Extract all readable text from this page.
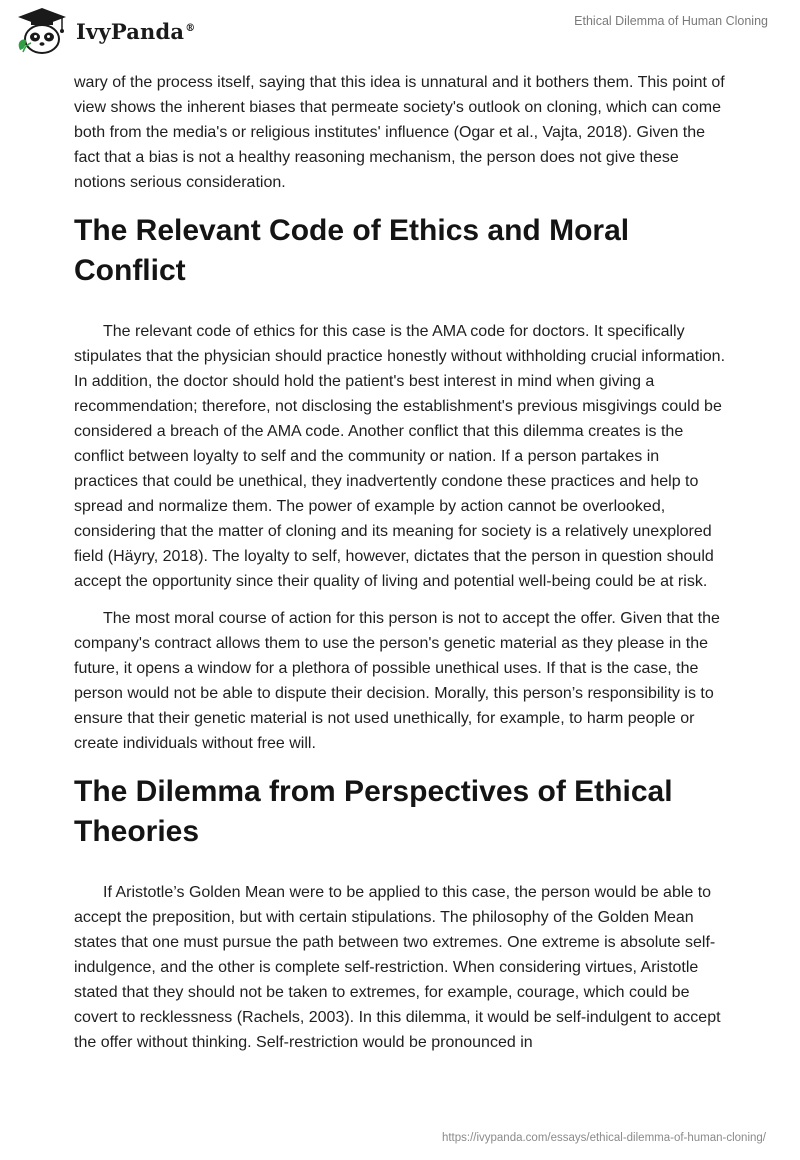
IvyPanda®	Ethical Dilemma of Human Cloning

wary of the process itself, saying that this idea is unnatural and it bothers them. This point of view shows the inherent biases that permeate society's outlook on cloning, which can come both from the media's or religious institutes' influence (Ogar et al., Vajta, 2018). Given the fact that a bias is not a healthy reasoning mechanism, the person does not give these notions serious consideration.

The Relevant Code of Ethics and Moral Conflict

The relevant code of ethics for this case is the AMA code for doctors. It specifically stipulates that the physician should practice honestly without withholding crucial information. In addition, the doctor should hold the patient's best interest in mind when giving a recommendation; therefore, not disclosing the establishment's previous misgivings could be considered a breach of the AMA code. Another conflict that this dilemma creates is the conflict between loyalty to self and the community or nation. If a person partakes in practices that could be unethical, they inadvertently condone these practices and help to spread and normalize them. The power of example by action cannot be overlooked, considering that the matter of cloning and its meaning for society is a relatively unexplored field (Häyry, 2018). The loyalty to self, however, dictates that the person in question should accept the opportunity since their quality of living and potential well-being could be at risk.

The most moral course of action for this person is not to accept the offer. Given that the company's contract allows them to use the person's genetic material as they please in the future, it opens a window for a plethora of possible unethical uses. If that is the case, the person would not be able to dispute their decision. Morally, this person’s responsibility is to ensure that their genetic material is not used unethically, for example, to harm people or create individuals without free will.

The Dilemma from Perspectives of Ethical Theories

If Aristotle’s Golden Mean were to be applied to this case, the person would be able to accept the preposition, but with certain stipulations. The philosophy of the Golden Mean states that one must pursue the path between two extremes. One extreme is absolute self-indulgence, and the other is complete self-restriction. When considering virtues, Aristotle stated that they should not be taken to extremes, for example, courage, which could be covert to recklessness (Rachels, 2003). In this dilemma, it would be self-indulgent to accept the offer without thinking. Self-restriction would be pronounced in

https://ivypanda.com/essays/ethical-dilemma-of-human-cloning/
